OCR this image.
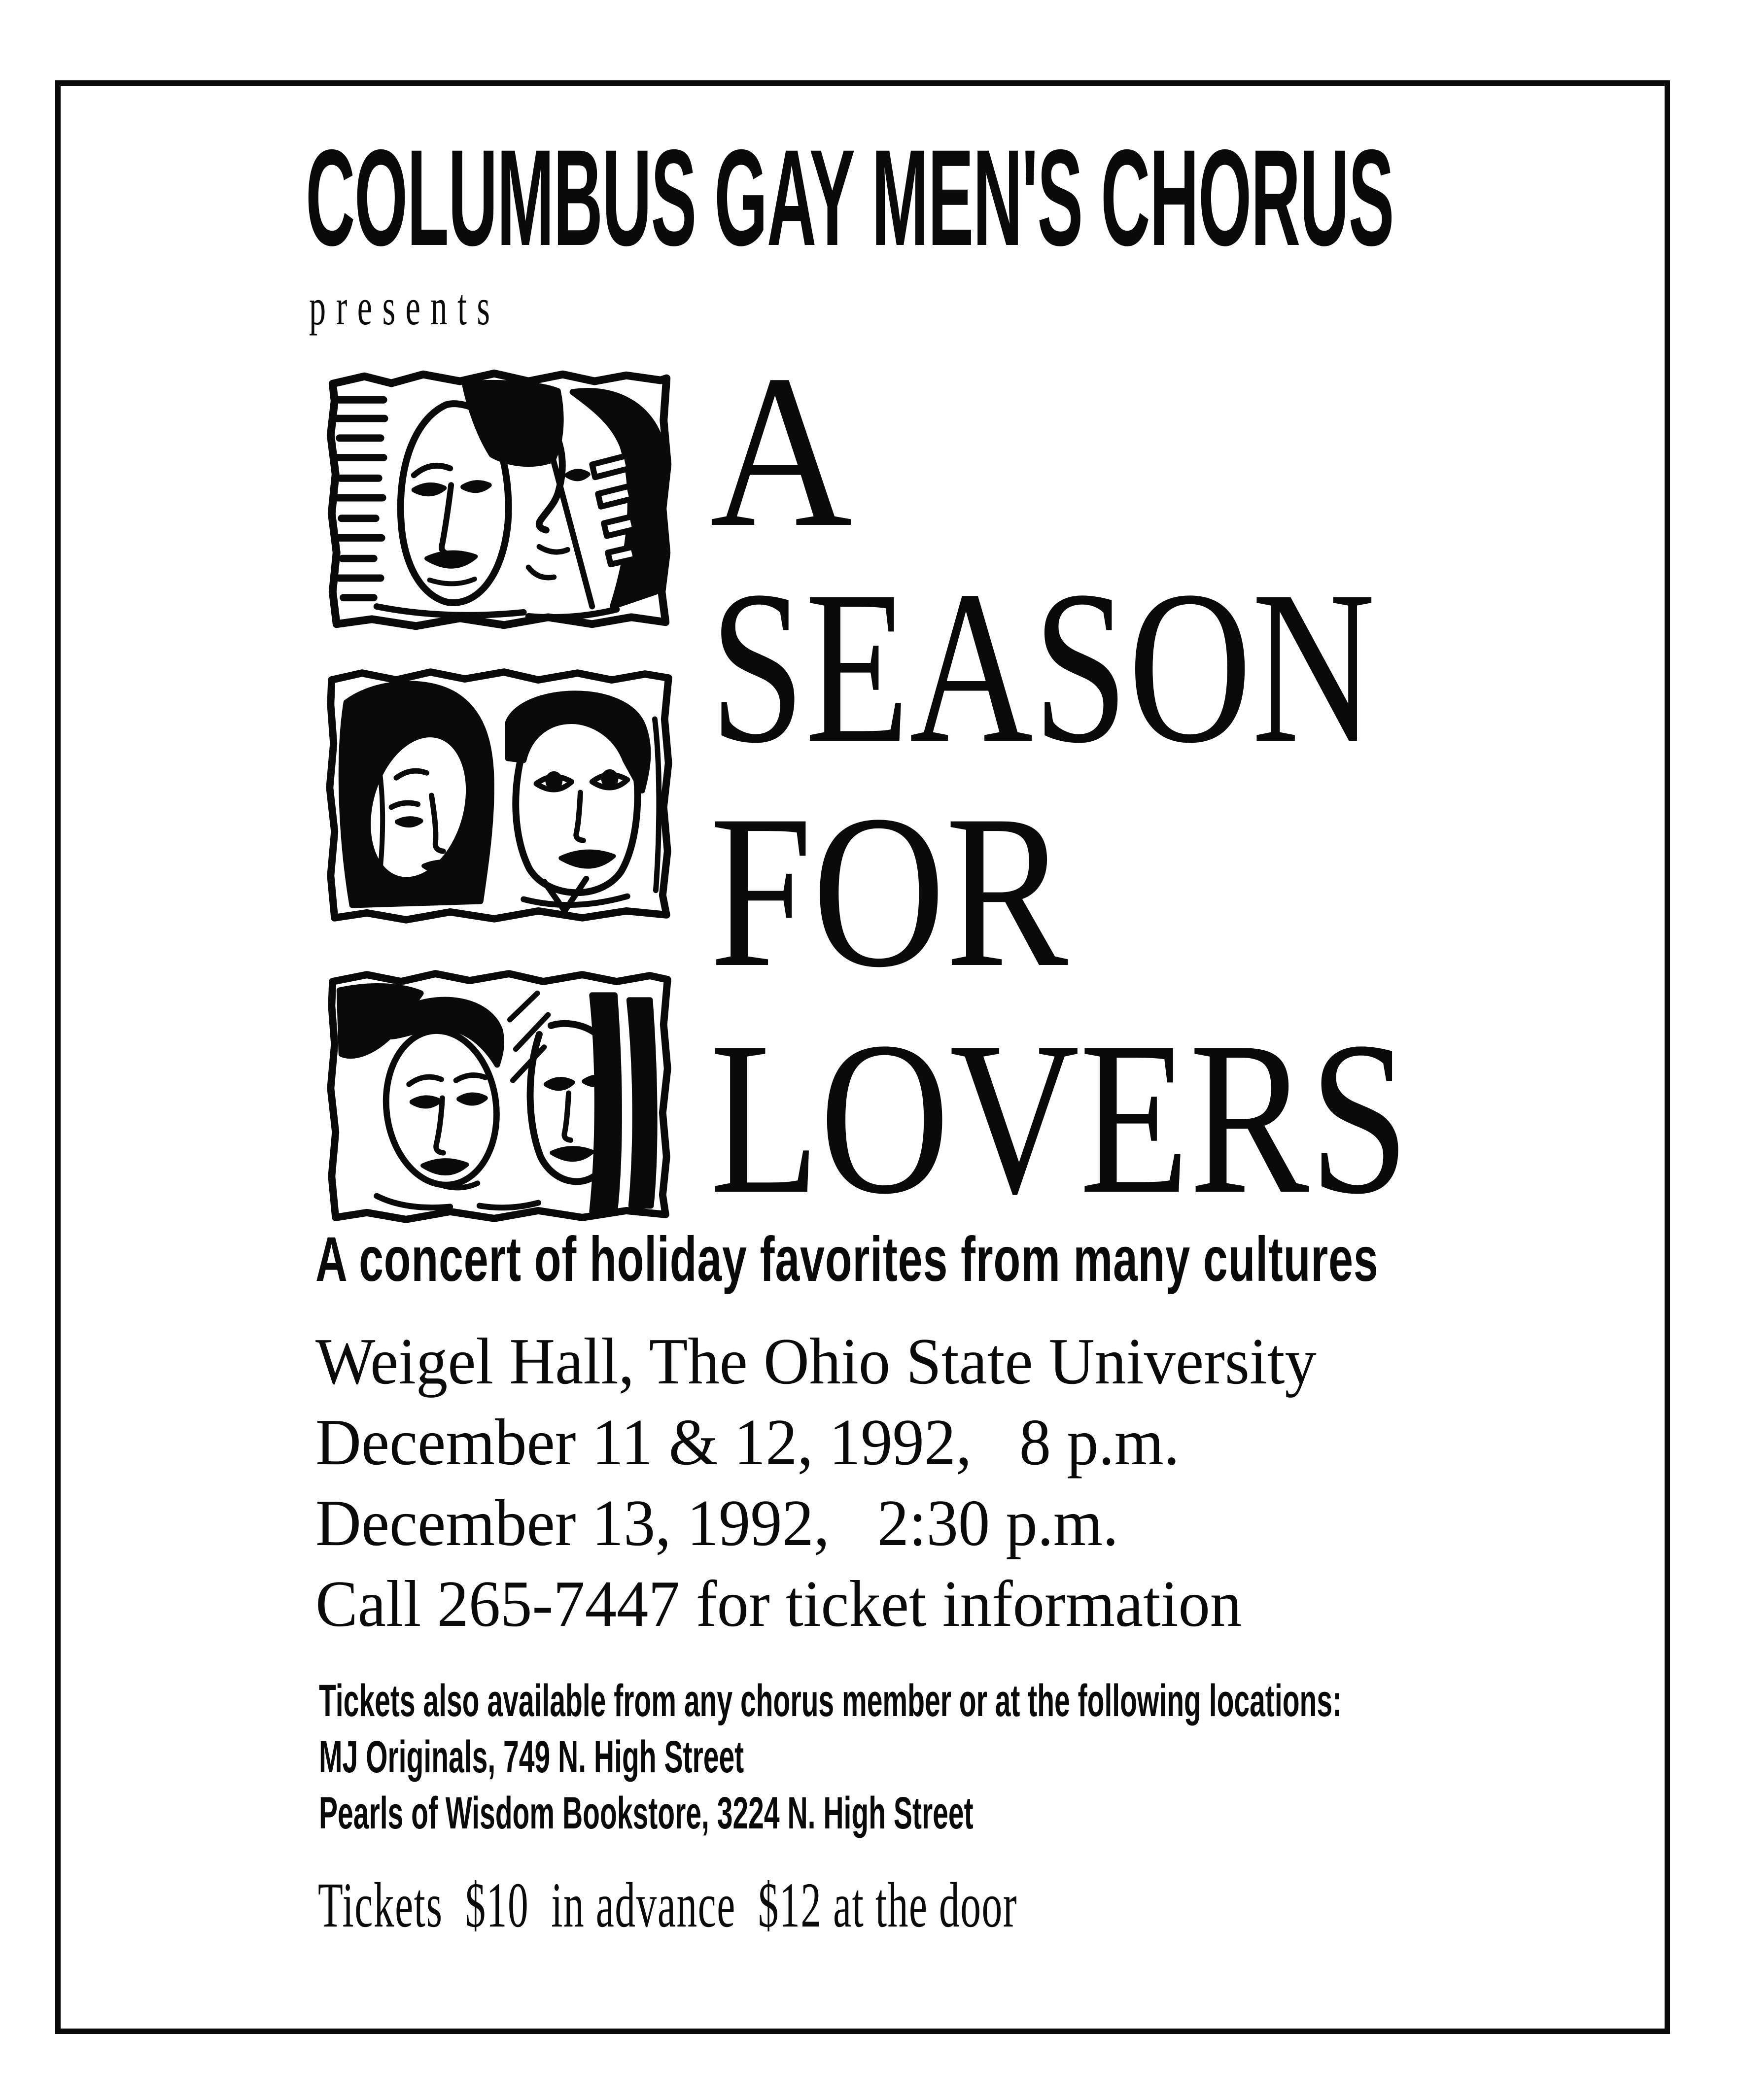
COLUMBUS GAY MEN'S CHORUS
presents
A
SEASON
FOR
LOVERS
A concert of holiday favorites from many cultures
Weigel Hall, The Ohio State University
December 11 & 12, 1992,   8 p.m.
December 13, 1992,   2:30 p.m.
Call 265-7447 for ticket information
Tickets also available from any chorus member or at the following locations:
MJ Originals, 749 N. High Street
Pearls of Wisdom Bookstore, 3224 N. High Street
Tickets  $10  in advance  $12 at the door
